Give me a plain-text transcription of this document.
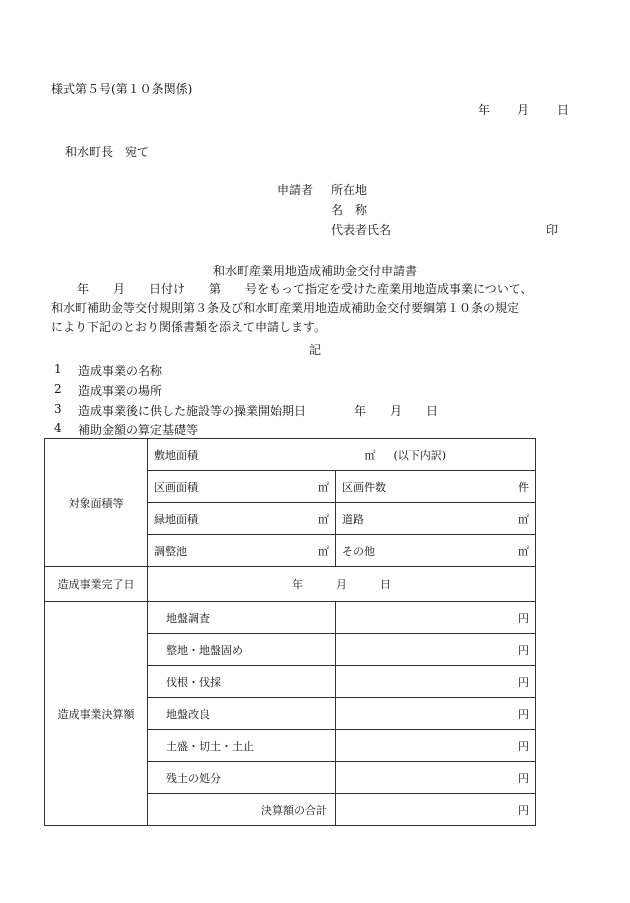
様式第５号(第１０条関係)
年 月 日
和水町長　宛て
申請者 所在地
名　称
代表者氏名	印
和水町産業用地造成補助金交付申請書
年　　月　　日付け　　第　　号をもって指定を受けた産業用地造成事業について、
和水町補助金等交付規則第３条及び和水町産業用地造成補助金交付要綱第１０条の規定
により下記のとおり関係書類を添えて申請します。
記
1 造成事業の名称
2 造成事業の場所
3 造成事業後に供した施設等の操業開始期日　　　　年　　月　　日
4 補助金額の算定基礎等
対象面積等	敷地面積 ㎡ (以下内訳)	

	区画面積 ㎡	区画件数 件

	緑地面積 ㎡	道路 ㎡

	調整池 ㎡	その他 ㎡

造成事業完了日	年　　　月　　　日	
造成事業決算額	地盤調査	円
	整地・地盤固め	円
	伐根・伐採	円
	地盤改良	円
	土盛・切土・土止	円
	残土の処分	円
	決算額の合計	円
